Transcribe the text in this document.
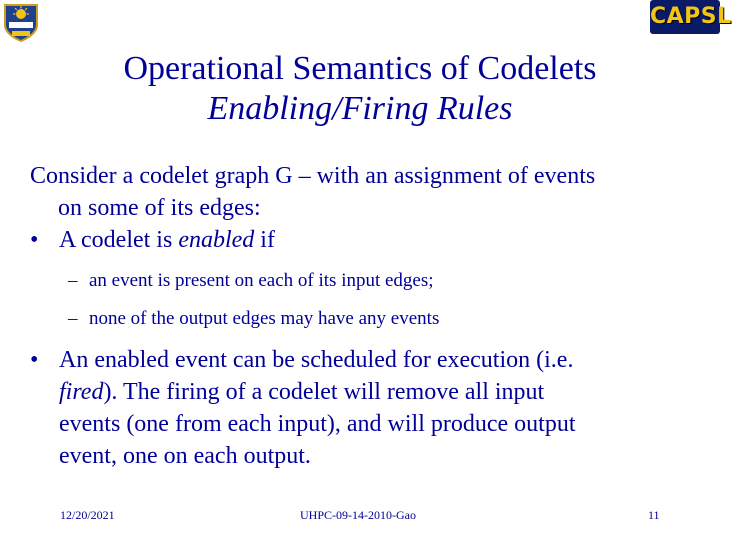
CAPSL
Operational Semantics of Codelets
Enabling/Firing Rules

Consider a codelet graph G – with an assignment of events
on some of its edges:

• A codelet is enabled if

– an event is present on each of its input edges;

– none of the output edges may have any events

• An enabled event can be scheduled for execution (i.e.
fired). The firing of a codelet will remove all input
events (one from each input), and will produce output
event, one on each output.

12/20/2021	UHPC-09-14-2010-Gao	11
